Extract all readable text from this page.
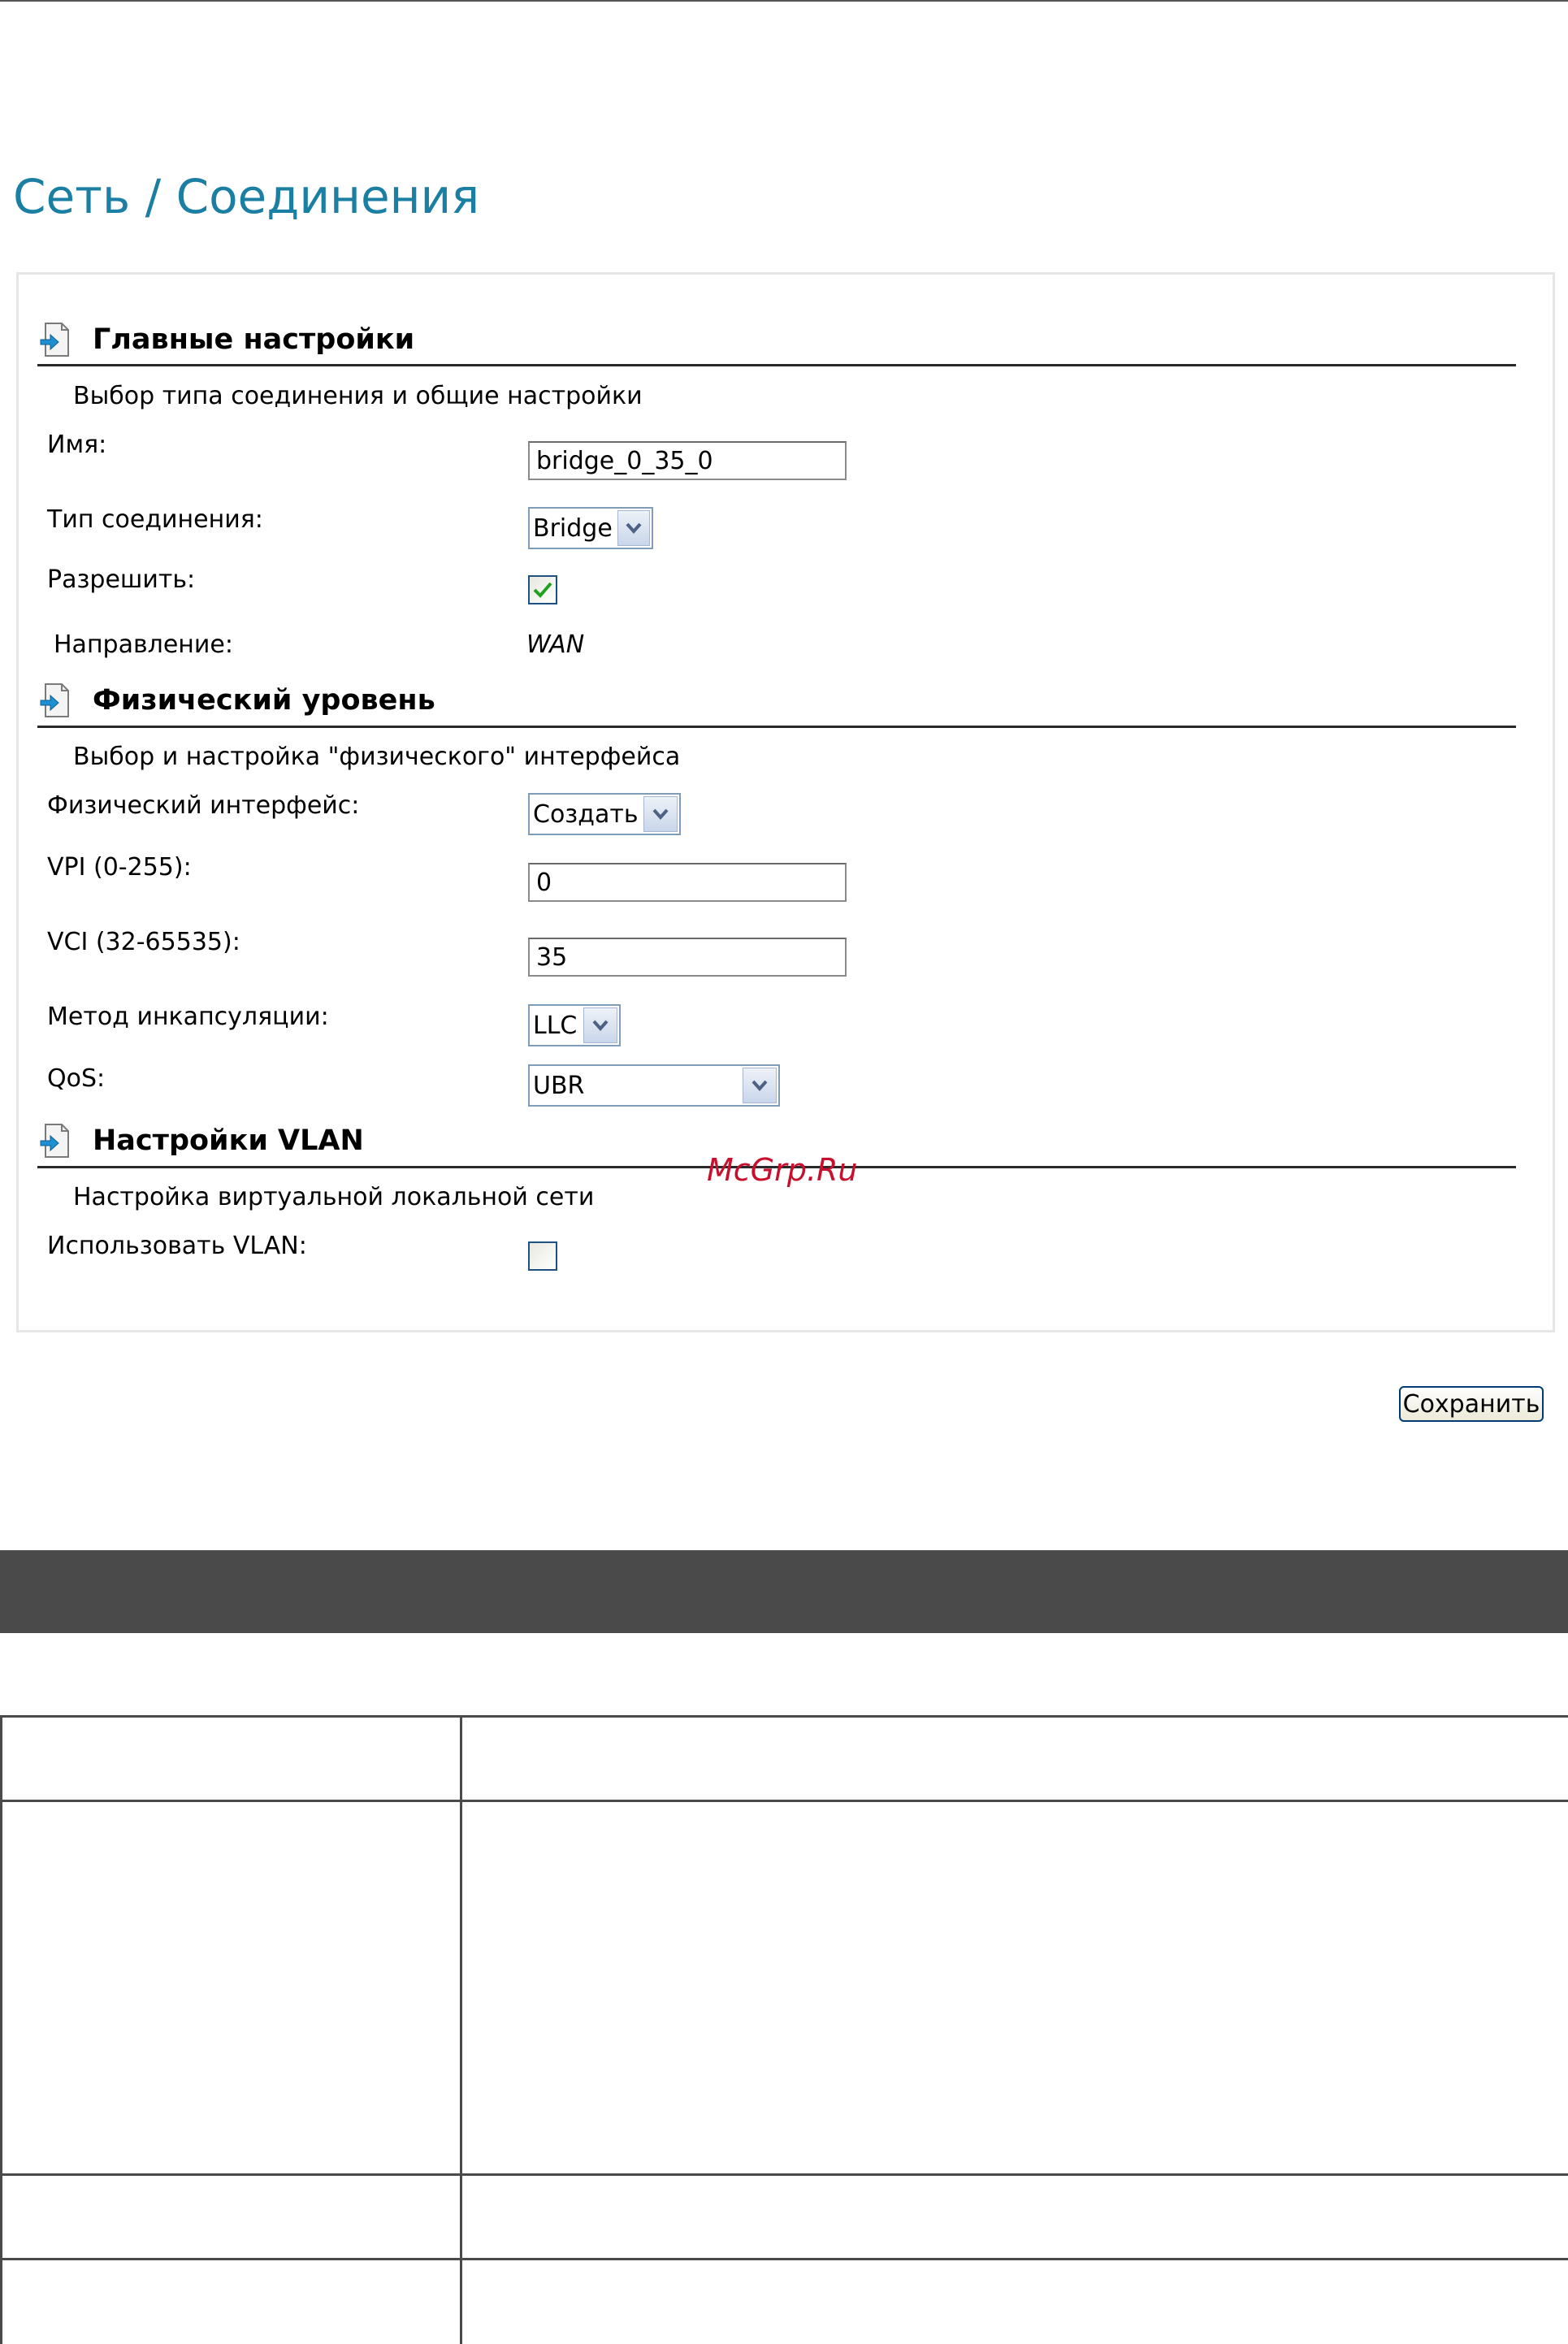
Сеть / Соединения
Главные настройки
Выбор типа соединения и общие настройки
Имя:
bridge_0_35_0
Тип соединения:	Bridge
Разрешить:
Направление:	WAN
Физический уровень
Выбор и настройка "физического" интерфейса
Физический интерфейс:	Создать
VPI (0-255):
0
VCI (32-65535):
35
Метод инкапсуляции:	LLC
QoS:	UBR
Настройки VLAN
Настройка виртуальной локальной сети
Использовать VLAN:
McGrp.Ru
Сохранить
